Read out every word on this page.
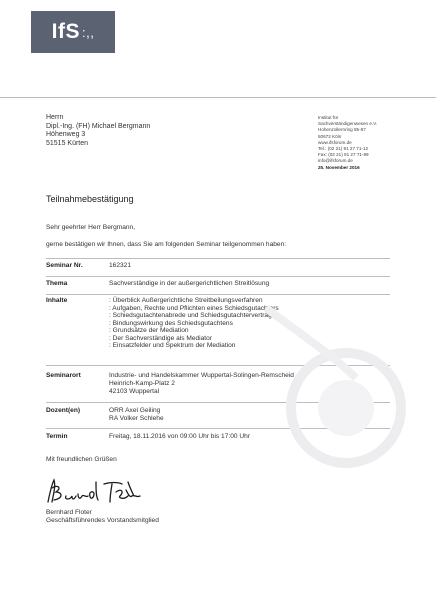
IfS :,,
Herrn
Dipl.-Ing. (FH) Michael Bergmann
Höhenweg 3
51515 Kürten
Institut für
Sachverständigenwesen e.V.
Hohenzollernring 85-87
50672 Köln
www.ifsforum.de
Tel.: (02 21) 91 27 71-12
Fax: (02 21) 91 27 71-99
info@ifsforum.de
25. November 2016
Teilnahmebestätigung
Sehr geehrter Herr Bergmann,
gerne bestätigen wir Ihnen, dass Sie am folgenden Seminar teilgenommen haben:
Seminar Nr.	162321
Thema	Sachverständige in der außergerichtlichen Streitlösung
Inhalte	: Überblick Außergerichtliche Streitbeilungsverfahren
: Aufgaben, Rechte und Pflichten eines Schiedsgutachters
: Schiedsgutachtenabrede und Schiedsgutachtervertrag
: Bindungswirkung des Schiedsgutachtens
: Grundsätze der Mediation
: Der Sachverständige als Mediator
: Einsatzfelder und Spektrum der Mediation
Seminarort	Industrie- und Handelskammer Wuppertal-Solingen-Remscheid
Heinrich-Kamp-Platz 2
42103 Wuppertal
Dozent(en)	ORR Axel Geiling
RA Volker Schlehe
Termin	Freitag, 18.11.2016 von 09:00 Uhr bis 17:00 Uhr
Mit freundlichen Grüßen
Bernhard Floter
Geschäftsführendes Vorstandsmitglied
